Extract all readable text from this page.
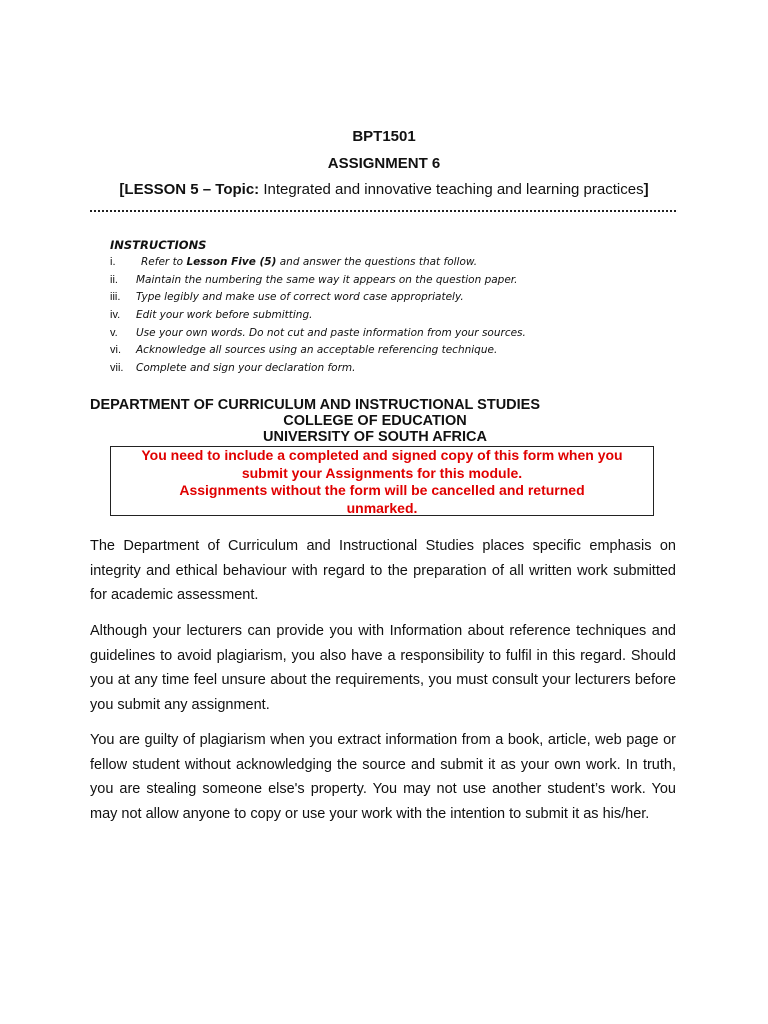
BPT1501
ASSIGNMENT 6
[LESSON 5 – Topic: Integrated and innovative teaching and learning practices]
INSTRUCTIONS
i. Refer to Lesson Five (5) and answer the questions that follow.
ii. Maintain the numbering the same way it appears on the question paper.
iii. Type legibly and make use of correct word case appropriately.
iv. Edit your work before submitting.
v. Use your own words. Do not cut and paste information from your sources.
vi. Acknowledge all sources using an acceptable referencing technique.
vii. Complete and sign your declaration form.
DEPARTMENT OF CURRICULUM AND INSTRUCTIONAL STUDIES
COLLEGE OF EDUCATION
UNIVERSITY OF SOUTH AFRICA
You need to include a completed and signed copy of this form when you
submit your Assignments for this module.
Assignments without the form will be cancelled and returned
unmarked.
The Department of Curriculum and Instructional Studies places specific emphasis on integrity and ethical behaviour with regard to the preparation of all written work submitted for academic assessment.
Although your lecturers can provide you with Information about reference techniques and guidelines to avoid plagiarism, you also have a responsibility to fulfil in this regard. Should you at any time feel unsure about the requirements, you must consult your lecturers before you submit any assignment.
You are guilty of plagiarism when you extract information from a book, article, web page or fellow student without acknowledging the source and submit it as your own work. In truth, you are stealing someone else's property. You may not use another student’s work. You may not allow anyone to copy or use your work with the intention to submit it as his/her.
